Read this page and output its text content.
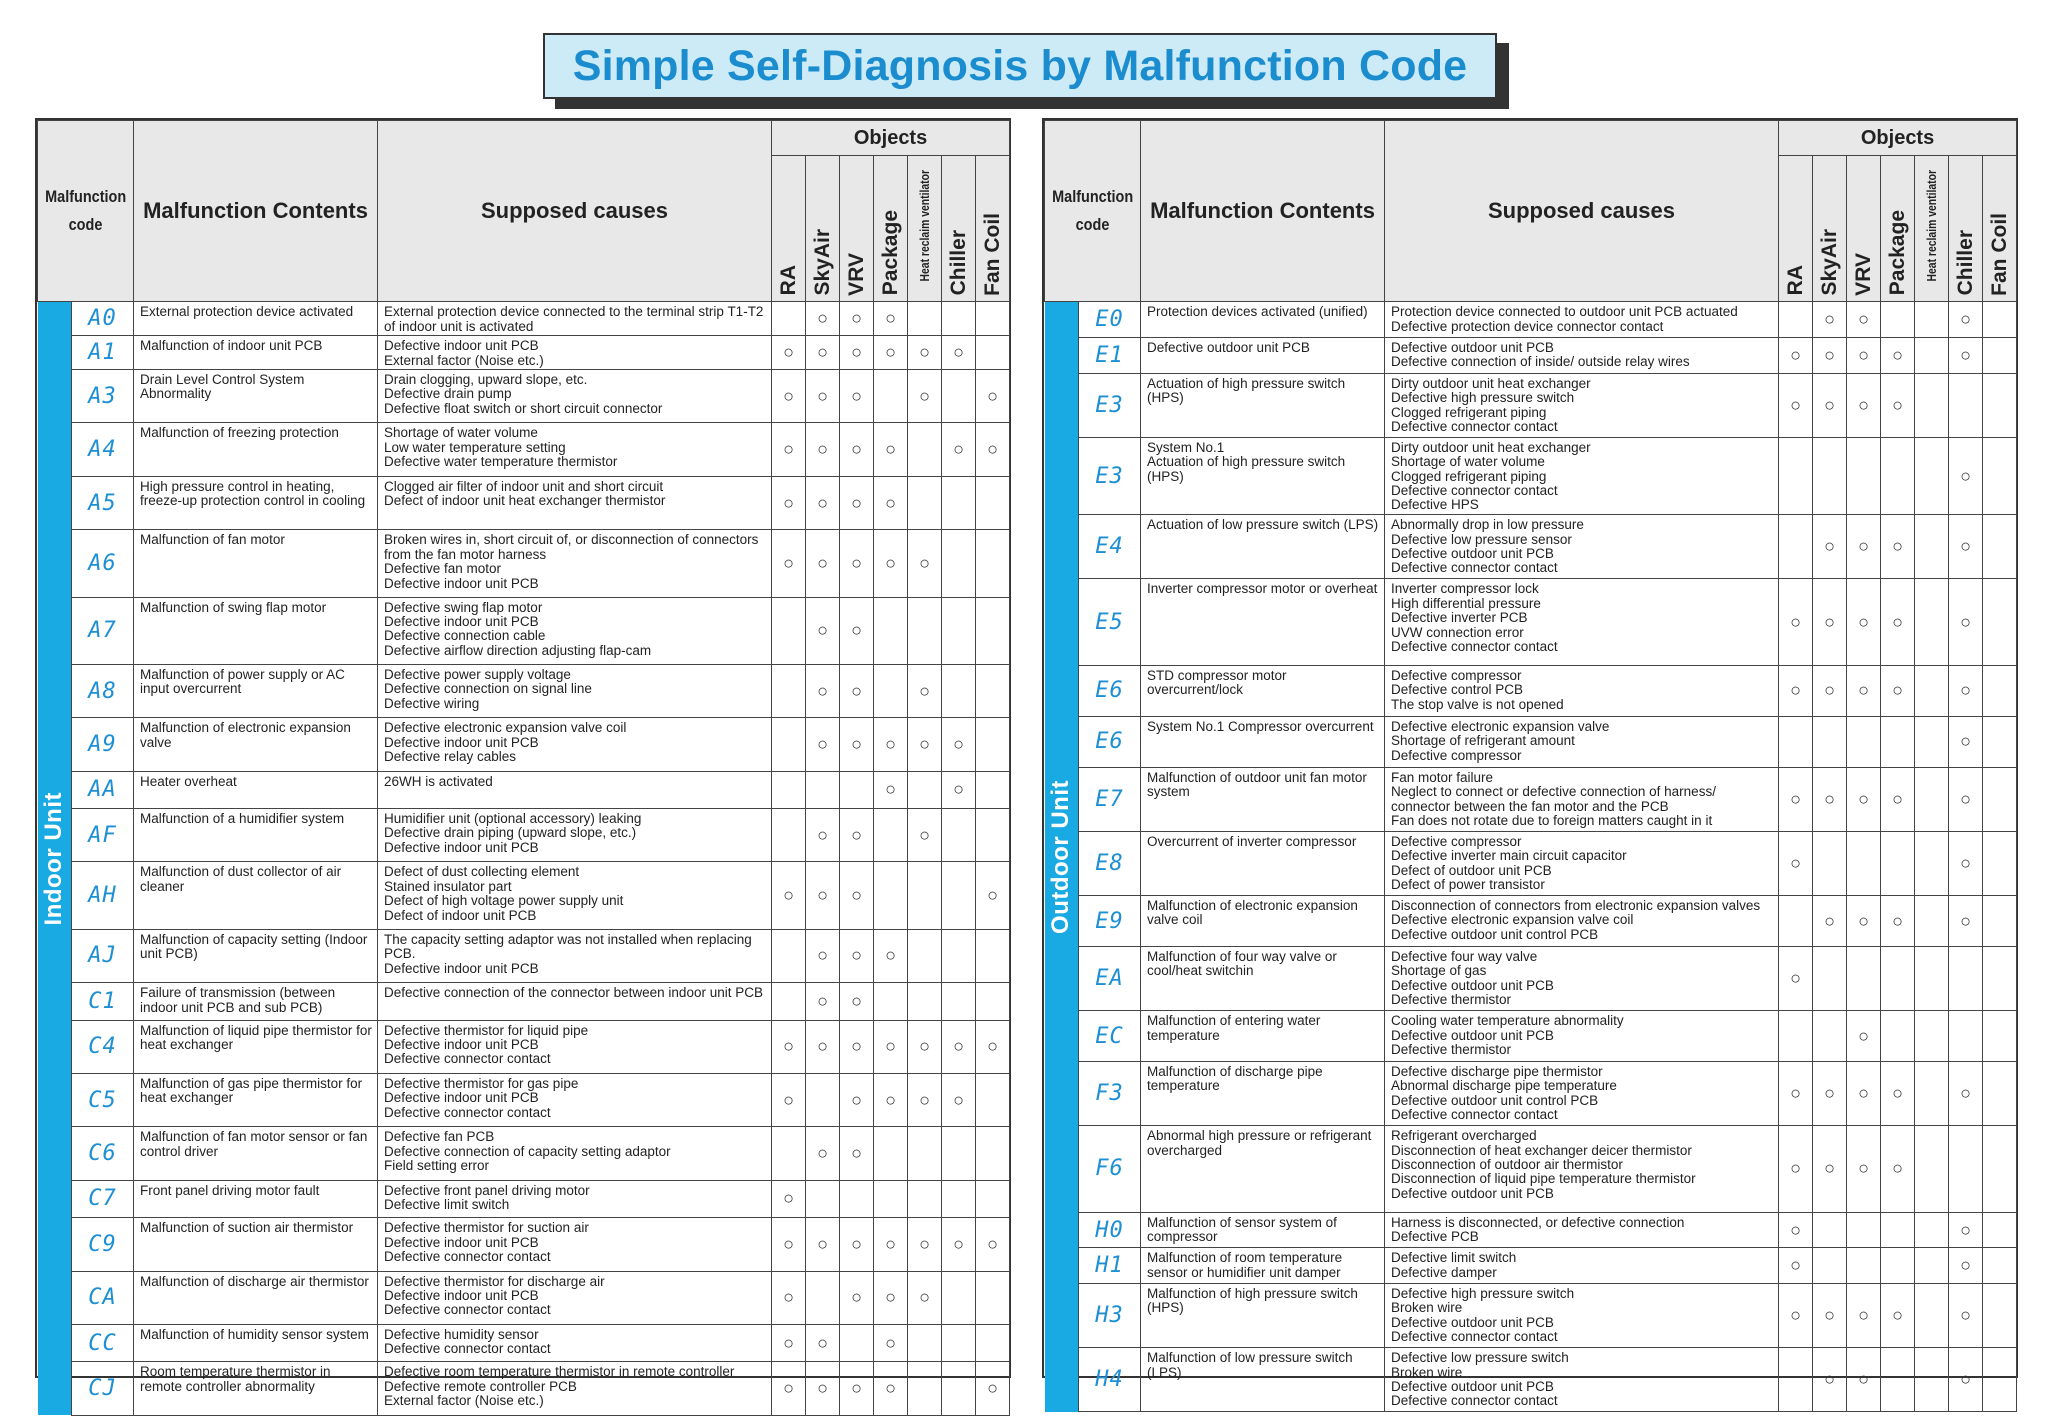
Simple Self-Diagnosis by Malfunction Code
Malfunction code		Malfunction Contents	Supposed causes	Objects						

				RA	SkyAir	VRV	Package	Heat reclaim ventilator	Chiller	Fan Coil

Indoor Unit	A0	External protection device activated	External protection device connected to the terminal strip T1-T2 of indoor unit is activated		○	○	○			
	A1	Malfunction of indoor unit PCB	Defective indoor unit PCB
External factor (Noise etc.)	○	○	○	○	○	○	
	A3	Drain Level Control System Abnormality	Drain clogging, upward slope, etc.
Defective drain pump
Defective float switch or short circuit connector	○	○	○		○		○
	A4	Malfunction of freezing protection	Shortage of water volume
Low water temperature setting
Defective water temperature thermistor	○	○	○	○		○	○
	A5	High pressure control in heating, freeze-up protection control in cooling	Clogged air filter of indoor unit and short circuit
Defect of indoor unit heat exchanger thermistor	○	○	○	○			
	A6	Malfunction of fan motor	Broken wires in, short circuit of, or disconnection of connectors from the fan motor harness
Defective fan motor
Defective indoor unit PCB	○	○	○	○	○		
	A7	Malfunction of swing flap motor	Defective swing flap motor
Defective indoor unit PCB
Defective connection cable
Defective airflow direction adjusting flap-cam		○	○				
	A8	Malfunction of power supply or AC input overcurrent	Defective power supply voltage
Defective connection on signal line
Defective wiring		○	○		○		
	A9	Malfunction of electronic expansion valve	Defective electronic expansion valve coil
Defective indoor unit PCB
Defective relay cables		○	○	○	○	○	
	AA	Heater overheat	26WH is activated				○		○	
	AF	Malfunction of a humidifier system	Humidifier unit (optional accessory) leaking
Defective drain piping (upward slope, etc.)
Defective indoor unit PCB		○	○		○		
	AH	Malfunction of dust collector of air cleaner	Defect of dust collecting element
Stained insulator part
Defect of high voltage power supply unit
Defect of indoor unit PCB	○	○	○				○
	AJ	Malfunction of capacity setting (Indoor unit PCB)	The capacity setting adaptor was not installed when replacing PCB.
Defective indoor unit PCB		○	○	○			
	C1	Failure of transmission (between indoor unit PCB and sub PCB)	Defective connection of the connector between indoor unit PCB		○	○				
	C4	Malfunction of liquid pipe thermistor for heat exchanger	Defective thermistor for liquid pipe
Defective indoor unit PCB
Defective connector contact	○	○	○	○	○	○	○
	C5	Malfunction of gas pipe thermistor for heat exchanger	Defective thermistor for gas pipe
Defective indoor unit PCB
Defective connector contact	○		○	○	○	○	
	C6	Malfunction of fan motor sensor or fan control driver	Defective fan PCB
Defective connection of capacity setting adaptor
Field setting error		○	○				
	C7	Front panel driving motor fault	Defective front panel driving motor
Defective limit switch	○						
	C9	Malfunction of suction air thermistor	Defective thermistor for suction air
Defective indoor unit PCB
Defective connector contact	○	○	○	○	○	○	○
	CA	Malfunction of discharge air thermistor	Defective thermistor for discharge air
Defective indoor unit PCB
Defective connector contact	○		○	○	○		
	CC	Malfunction of humidity sensor system	Defective humidity sensor
Defective connector contact	○	○		○			
	CJ	Room temperature thermistor in remote controller abnormality	Defective room temperature thermistor in remote controller
Defective remote controller PCB
External factor (Noise etc.)	○	○	○	○			○
Malfunction code		Malfunction Contents	Supposed causes	Objects						

				RA	SkyAir	VRV	Package	Heat reclaim ventilator	Chiller	Fan Coil

Outdoor Unit	E0	Protection devices activated (unified)	Protection device connected to outdoor unit PCB actuated
Defective protection device connector contact		○	○			○	
	E1	Defective outdoor unit PCB	Defective outdoor unit PCB
Defective connection of inside/ outside relay wires	○	○	○	○		○	
	E3	Actuation of high pressure switch (HPS)	Dirty outdoor unit heat exchanger
Defective high pressure switch
Clogged refrigerant piping
Defective connector contact	○	○	○	○			
	E3	System No.1
Actuation of high pressure switch (HPS)	Dirty outdoor unit heat exchanger
Shortage of water volume
Clogged refrigerant piping
Defective connector contact
Defective HPS						○	
	E4	Actuation of low pressure switch (LPS)	Abnormally drop in low pressure
Defective low pressure sensor
Defective outdoor unit PCB
Defective connector contact		○	○	○		○	
	E5	Inverter compressor motor or overheat	Inverter compressor lock
High differential pressure
Defective inverter PCB
UVW connection error
Defective connector contact	○	○	○	○		○	
	E6	STD compressor motor overcurrent/lock	Defective compressor
Defective control PCB
The stop valve is not opened	○	○	○	○		○	
	E6	System No.1 Compressor overcurrent	Defective electronic expansion valve
Shortage of refrigerant amount
Defective compressor						○	
	E7	Malfunction of outdoor unit fan motor system	Fan motor failure
Neglect to connect or defective connection of harness/ connector between the fan motor and the PCB
Fan does not rotate due to foreign matters caught in it	○	○	○	○		○	
	E8	Overcurrent of inverter compressor	Defective compressor
Defective inverter main circuit capacitor
Defect of outdoor unit PCB
Defect of power transistor	○					○	
	E9	Malfunction of electronic expansion valve coil	Disconnection of connectors from electronic expansion valves
Defective electronic expansion valve coil
Defective outdoor unit control PCB		○	○	○		○	
	EA	Malfunction of four way valve or cool/heat switchin	Defective four way valve
Shortage of gas
Defective outdoor unit PCB
Defective thermistor	○						
	EC	Malfunction of entering water temperature	Cooling water temperature abnormality
Defective outdoor unit PCB
Defective thermistor			○				
	F3	Malfunction of discharge pipe temperature	Defective discharge pipe thermistor
Abnormal discharge pipe temperature
Defective outdoor unit control PCB
Defective connector contact	○	○	○	○		○	
	F6	Abnormal high pressure or refrigerant overcharged	Refrigerant overcharged
Disconnection of heat exchanger deicer thermistor
Disconnection of outdoor air thermistor
Disconnection of liquid pipe temperature thermistor
Defective outdoor unit PCB	○	○	○	○			
	H0	Malfunction of sensor system of compressor	Harness is disconnected, or defective connection
Defective PCB	○					○	
	H1	Malfunction of room temperature sensor or humidifier unit damper	Defective limit switch
Defective damper	○					○	
	H3	Malfunction of high pressure switch (HPS)	Defective high pressure switch
Broken wire
Defective outdoor unit PCB
Defective connector contact	○	○	○	○		○	
	H4	Malfunction of low pressure switch (LPS)	Defective low pressure switch
Broken wire
Defective outdoor unit PCB
Defective connector contact		○	○			○	
